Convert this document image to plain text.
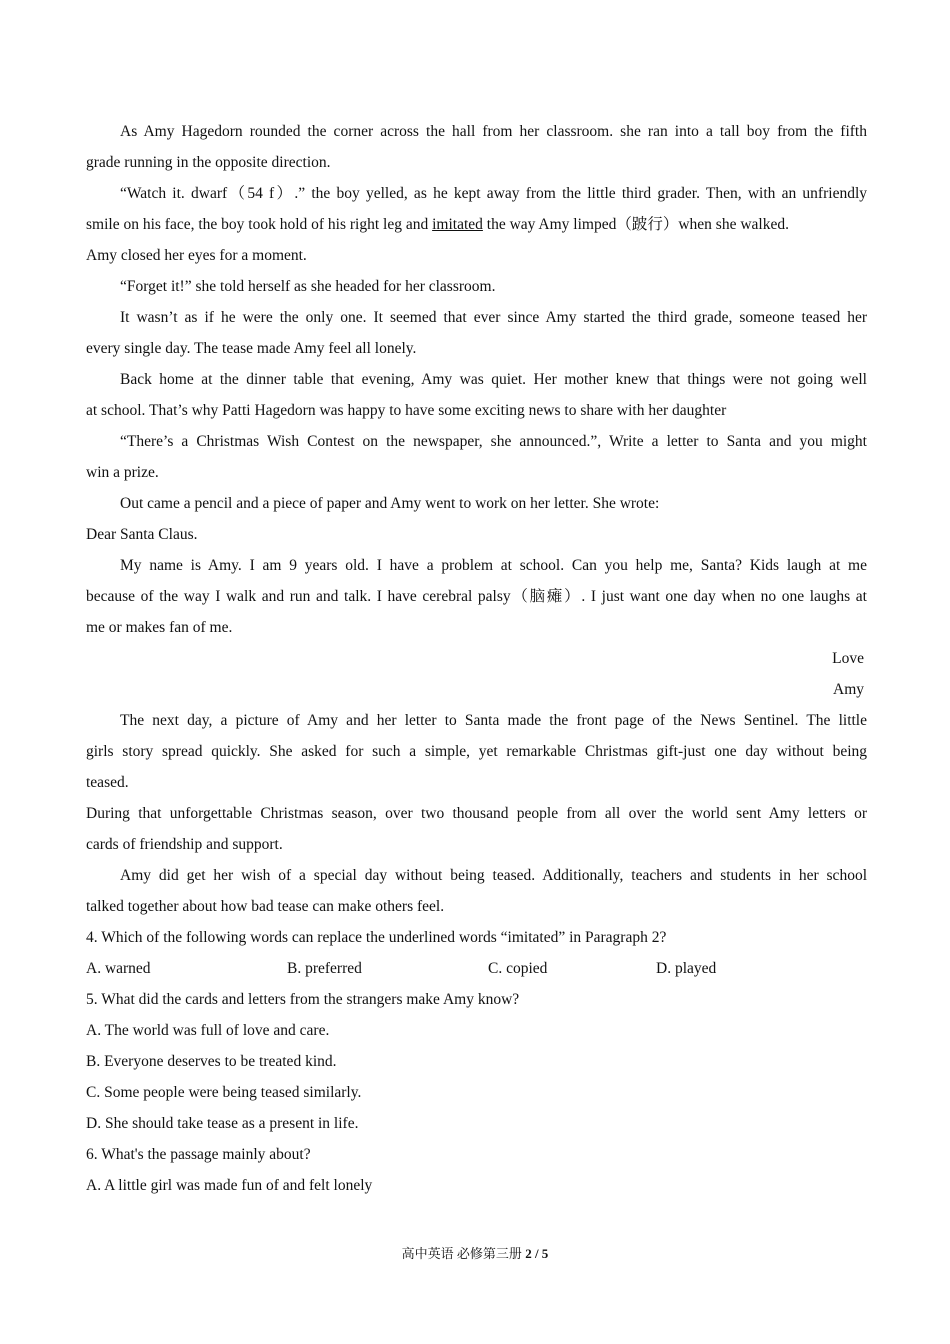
As Amy Hagedorn rounded the corner across the hall from her classroom. she ran into a tall boy from the fifth
grade running in the opposite direction.
“Watch it. dwarf（54 f）.” the boy yelled, as he kept away from the little third grader. Then, with an unfriendly
smile on his face, the boy took hold of his right leg and imitated the way Amy limped（跛行）when she walked.
Amy closed her eyes for a moment.
“Forget it!” she told herself as she headed for her classroom.
It wasn’t as if he were the only one. It seemed that ever since Amy started the third grade, someone teased her
every single day. The tease made Amy feel all lonely.
Back home at the dinner table that evening, Amy was quiet. Her mother knew that things were not going well
at school. That’s why Patti Hagedorn was happy to have some exciting news to share with her daughter
“There’s a Christmas Wish Contest on the newspaper, she announced.”, Write a letter to Santa and you might
win a prize.
Out came a pencil and a piece of paper and Amy went to work on her letter. She wrote:
Dear Santa Claus.
My name is Amy. I am 9 years old. I have a problem at school. Can you help me, Santa? Kids laugh at me
because of the way I walk and run and talk. I have cerebral palsy（脑瘫）. I just want one day when no one laughs at
me or makes fan of me.
Love
Amy
The next day, a picture of Amy and her letter to Santa made the front page of the News Sentinel. The little
girls story spread quickly. She asked for such a simple, yet remarkable Christmas gift-just one day without being
teased.
During that unforgettable Christmas season, over two thousand people from all over the world sent Amy letters or
cards of friendship and support.
Amy did get her wish of a special day without being teased. Additionally, teachers and students in her school
talked together about how bad tease can make others feel.
4. Which of the following words can replace the underlined words “imitated” in Paragraph 2?
A. warned	B. preferred	C. copied	D. played
5. What did the cards and letters from the strangers make Amy know?
A. The world was full of love and care.
B. Everyone deserves to be treated kind.
C. Some people were being teased similarly.
D. She should take tease as a present in life.
6. What's the passage mainly about?
A. A little girl was made fun of and felt lonely
高中英语 必修第三册 2 / 5
